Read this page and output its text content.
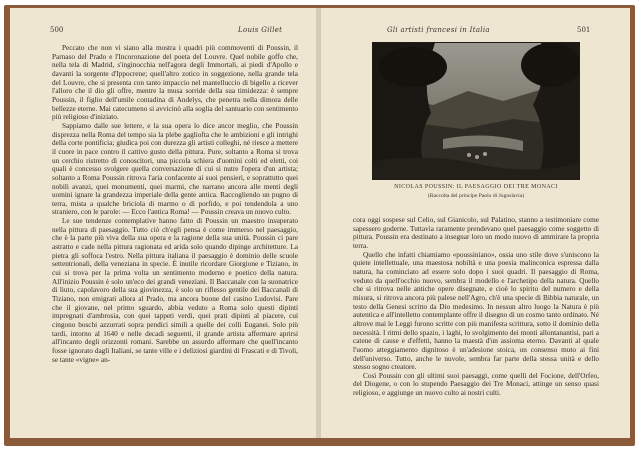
500	Louis Gillet

Peccato che non vi siano alla mostra i quadri più commoventi di Poussin, il Parnaso del Prado e l'Incoronazione del poeta del Louvre. Quel nobile goffo che, nella tela di Madrid, s'inginocchia nell'agora degli Immortali, ai piedi d'Apollo e davanti la sorgente d'Ippocrene; quell'altro zotico in soggezione, nella grande tela del Louvre, che si presenta con tanto impaccio nel mantelluccio di bigello a ricever l'alloro che il dio gli offre, mentre la musa sorride della sua timidezza: è sempre Poussin, il figlio dell'umile contadina di Andelys, che penetra nella dimora delle bellezze eterne. Mai catecumeno si avvicinò alla soglia del santuario con sentimento più religioso d'iniziato.

Sappiamo dalle sue lettere, e la sua opera lo dice ancor meglio, che Poussin disprezza nella Roma del tempo sia la plebe gagliofta che le ambizioni e gli intrighi della corte pontificia; giudica poi con durezza gli artisti colleghi, né riesce a mettere il cuore in pace contro il cattivo gusto della pittura. Pure, soltanto a Roma si trova un cerchio ristretto di conoscitori, una piccola schiera d'uomini colti ed eletti, coi quali è concesso svolgere quella conversazione di cui si nutre l'opera d'un artista; soltanto a Roma Poussin ritrova l'aria confacente ai suoi pensieri, e soprattutto quei nobili avanzi, quei monumenti, quei marmi, che narrano ancora alle menti degli uomini ignare la grandezza imperiale della gente antica. Raccogliendo un pugno di terra, mista a qualche briciola di marmo o di porfido, e poi tendendola a uno straniero, con le parole: — Ecco l'antica Roma! — Poussin creava un nuovo culto.

Le sue tendenze contemplative hanno fatto di Poussin un maestro insuperato nella pittura di paesaggio. Tutto ciò ch'egli pensa è come immerso nel paesaggio, che è la parte più viva della sua opera e la ragione della sua unità. Poussin ci pare astratto e cade nella pittura ragionata ed arida solo quando dipinge architetture. La pietra gli soffoca l'estro. Nella pittura italiana il paesaggio è dominio delle scuole settentrionali, della veneziana in specie. È inutile ricordare Giorgione e Tiziano, in cui si trova per la prima volta un sentimento moderno e poetico della natura. All'inizio Poussin è solo un'eco dei grandi veneziani. Il Baccanale con la suonatrice di liuto, capolavoro della sua giovinezza, è solo un riflesso gentile dei Baccanali di Tiziano, non emigrati allora al Prado, ma ancora buone del casino Ludovisi. Pare che il giovane, nel primo sguardo, abbia veduto a Roma solo questi dipinti impregnati d'ambrosia, con quei tappeti verdi, quei prati dipinti al piacere, cui cingono boschi azzurrati sopra pendici simili a quelle dei colli Euganei. Solo più tardi, intorno al 1640 e nelle decadi seguenti, il grande artista affermare aprirsi all'incanto degli orizzonti romani. Sarebbe un assurdo affermare che quell'incanto fosse ignorato dagli Italiani, se tante ville e i deliziosi giardini di Frascati e di Tivoli, se tante «vigne» an-

Gli artisti francesi in Italia	501
NICOLAS POUSSIN: IL PAESAGGIO DEI TRE MONACI
(Raccolta del principe Paolo di Jugoslavia)

cora oggi sospese sul Celio, sul Gianicolo, sul Palatino, stanno a testimoniare come sapessero goderne. Tuttavia raramente prendevano quel paesaggio come soggetto di pittura. Poussin era destinato a insegnar loro un modo nuovo di ammirare la propria terra.

Quello che infatti chiamiamo «poussiniano», ossia uno stile dove s'uniscono la quiete intellettuale, una maestosa nobiltà e una poesia malinconica espressa dalla natura, ha cominciato ad essere solo dopo i suoi quadri. Il paesaggio di Roma, veduto da quell'occhio nuovo, sembra il modello e l'archetipo della natura. Quello che si ritrova nelle antiche opere disegnate, e cioè lo spirito del numero e della misura, si ritrova ancora più palese nell'Agro, ch'è una specie di Bibbia naturale, un testo della Genesi scritto da Dio medesimo. In nessun altro luogo la Natura è più autentica e all'intelletto contemplante offre il disegno di un cosmo tanto ordinato. Né altrove mai le Leggi furono scritte con più manifesta scrittura, sotto il dominio della necessità. I ritmi dello spazio, i laghi, lo svolgimento dei monti allontanantisi, pari a catene di cause e d'effetti, hanno la maestà d'un assioma eterno. Davanti al quale l'uomo atteggiamento dignitoso è un'adesione stoica, un consenso muto ai fini dell'universo. Tutto, anche le nuvole, sembra far parte della stessa unità e dello stesso sogno creatore.

Così Poussin con gli ultimi suoi paesaggi, come quelli del Focione, dell'Orfeo, del Diogene, o con lo stupendo Paesaggio dei Tre Monaci, attinge un senso quasi religioso, e aggiunge un nuovo culto ai nostri culti.
